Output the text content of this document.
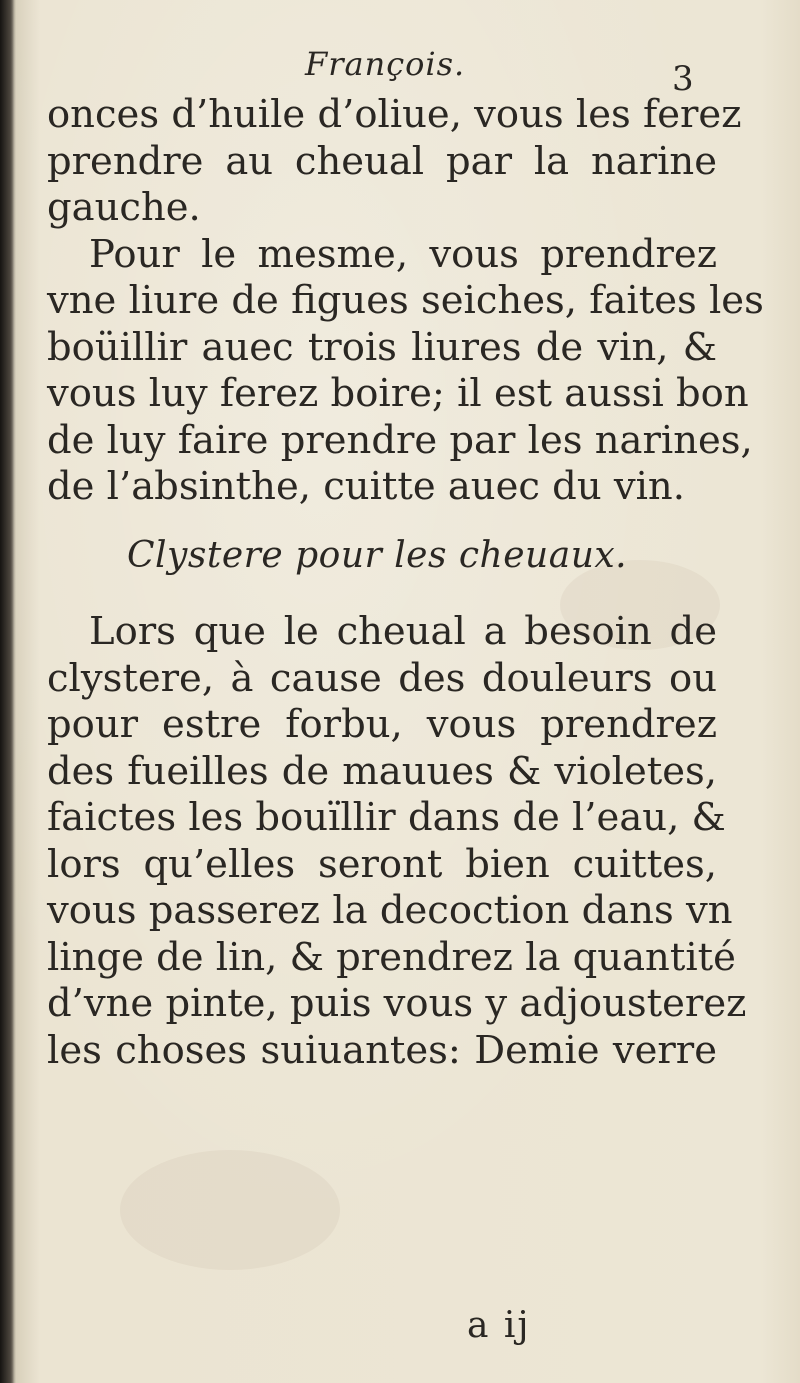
François.	3
onces d’huile d’oliue, vous les ferez
prendre au cheual par la narine
gauche.
Pour le mesme, vous prendrez
vne liure de figues seiches, faites les
boüillir auec trois liures de vin, &
vous luy ferez boire; il est aussi bon
de luy faire prendre par les narines,
de l’absinthe, cuitte auec du vin.
Clystere pour les cheuaux.
Lors que le cheual a besoin de
clystere, à cause des douleurs ou
pour estre forbu, vous prendrez
des fueilles de mauues & violetes,
faictes les bouïllir dans de l’eau, &
lors qu’elles seront bien cuittes,
vous passerez la decoction dans vn
linge de lin, & prendrez la quantité
d’vne pinte, puis vous y adjousterez
les choses suiuantes: Demie verre
a ij
